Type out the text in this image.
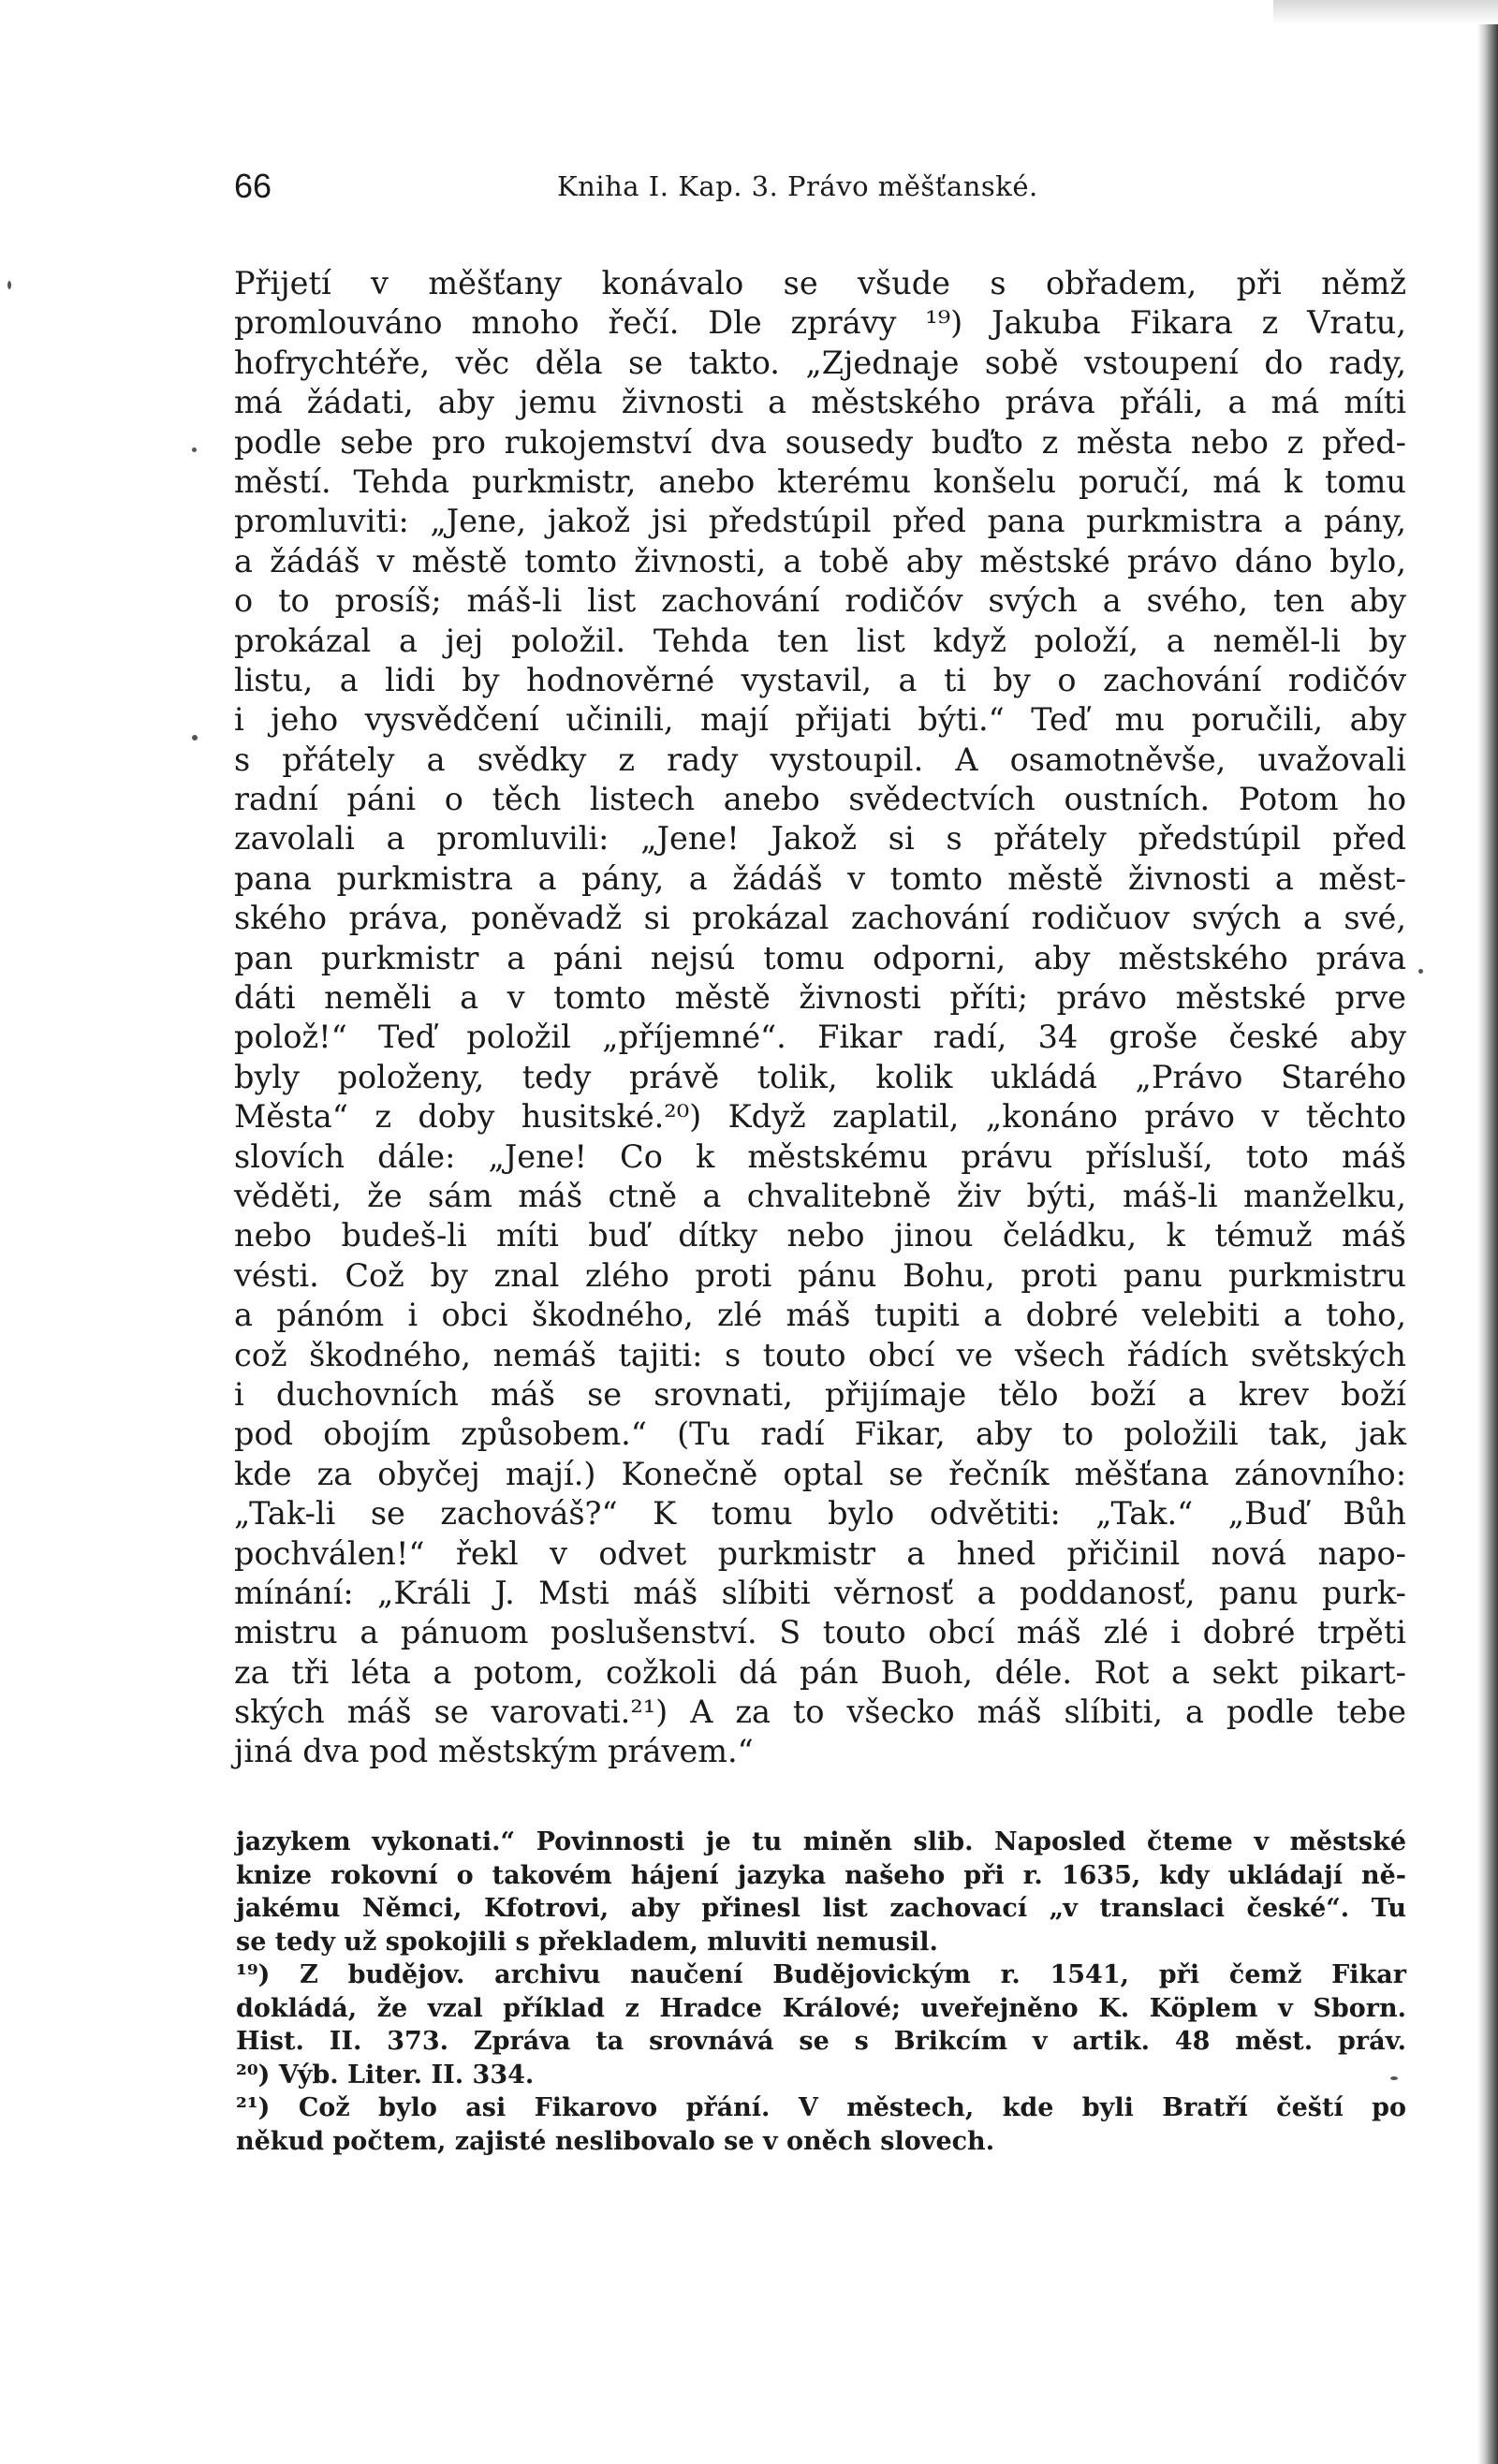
66	Kniha I. Kap. 3. Právo měšťanské.
Přijetí v měšťany konávalo se všude s obřadem, při němž
promlouváno mnoho řečí. Dle zprávy ¹⁹) Jakuba Fikara z Vratu,
hofrychtéře, věc děla se takto. „Zjednaje sobě vstoupení do rady,
má žádati, aby jemu živnosti a městského práva přáli, a má míti
podle sebe pro rukojemství dva sousedy buďto z města nebo z před-
městí. Tehda purkmistr, anebo kterému konšelu poručí, má k tomu
promluviti: „Jene, jakož jsi předstúpil před pana purkmistra a pány,
a žádáš v městě tomto živnosti, a tobě aby městské právo dáno bylo,
o to prosíš; máš-li list zachování rodičóv svých a svého, ten aby
prokázal a jej položil. Tehda ten list když položí, a neměl-li by
listu, a lidi by hodnověrné vystavil, a ti by o zachování rodičóv
i jeho vysvědčení učinili, mají přijati býti.“ Teď mu poručili, aby
s přátely a svědky z rady vystoupil. A osamotněvše, uvažovali
radní páni o těch listech anebo svědectvích oustních. Potom ho
zavolali a promluvili: „Jene! Jakož si s přátely předstúpil před
pana purkmistra a pány, a žádáš v tomto městě živnosti a měst-
ského práva, poněvadž si prokázal zachování rodičuov svých a své,
pan purkmistr a páni nejsú tomu odporni, aby městského práva
dáti neměli a v tomto městě živnosti příti; právo městské prve
polož!“ Teď položil „příjemné“. Fikar radí, 34 groše české aby
byly položeny, tedy právě tolik, kolik ukládá „Právo Starého
Města“ z doby husitské.²⁰) Když zaplatil, „konáno právo v těchto
slovích dále: „Jene! Co k městskému právu přísluší, toto máš
věděti, že sám máš ctně a chvalitebně živ býti, máš-li manželku,
nebo budeš-li míti buď dítky nebo jinou čeládku, k témuž máš
vésti. Což by znal zlého proti pánu Bohu, proti panu purkmistru
a pánóm i obci škodného, zlé máš tupiti a dobré velebiti a toho,
což škodného, nemáš tajiti: s touto obcí ve všech řádích světských
i duchovních máš se srovnati, přijímaje tělo boží a krev boží
pod obojím způsobem.“ (Tu radí Fikar, aby to položili tak, jak
kde za obyčej mají.) Konečně optal se řečník měšťana zánovního:
„Tak-li se zachováš?“ K tomu bylo odvětiti: „Tak.“ „Buď Bůh
pochválen!“ řekl v odvet purkmistr a hned přičinil nová napo-
mínání: „Králi J. Msti máš slíbiti věrnosť a poddanosť, panu purk-
mistru a pánuom poslušenství. S touto obcí máš zlé i dobré trpěti
za tři léta a potom, cožkoli dá pán Buoh, déle. Rot a sekt pikart-
ských máš se varovati.²¹) A za to všecko máš slíbiti, a podle tebe
jiná dva pod městským právem.“
jazykem vykonati.“ Povinnosti je tu miněn slib. Naposled čteme v městské
knize rokovní o takovém hájení jazyka našeho při r. 1635, kdy ukládají ně-
jakému Němci, Kfotrovi, aby přinesl list zachovací „v translaci české“. Tu
se tedy už spokojili s překladem, mluviti nemusil.
¹⁹) Z budějov. archivu naučení Budějovickým r. 1541, při čemž Fikar
dokládá, že vzal příklad z Hradce Králové; uveřejněno K. Köplem v Sborn.
Hist. II. 373. Zpráva ta srovnává se s Brikcím v artik. 48 měst. práv.
²⁰) Výb. Liter. II. 334.
²¹) Což bylo asi Fikarovo přání. V městech, kde byli Bratří čeští po
někud počtem, zajisté neslibovalo se v oněch slovech.
